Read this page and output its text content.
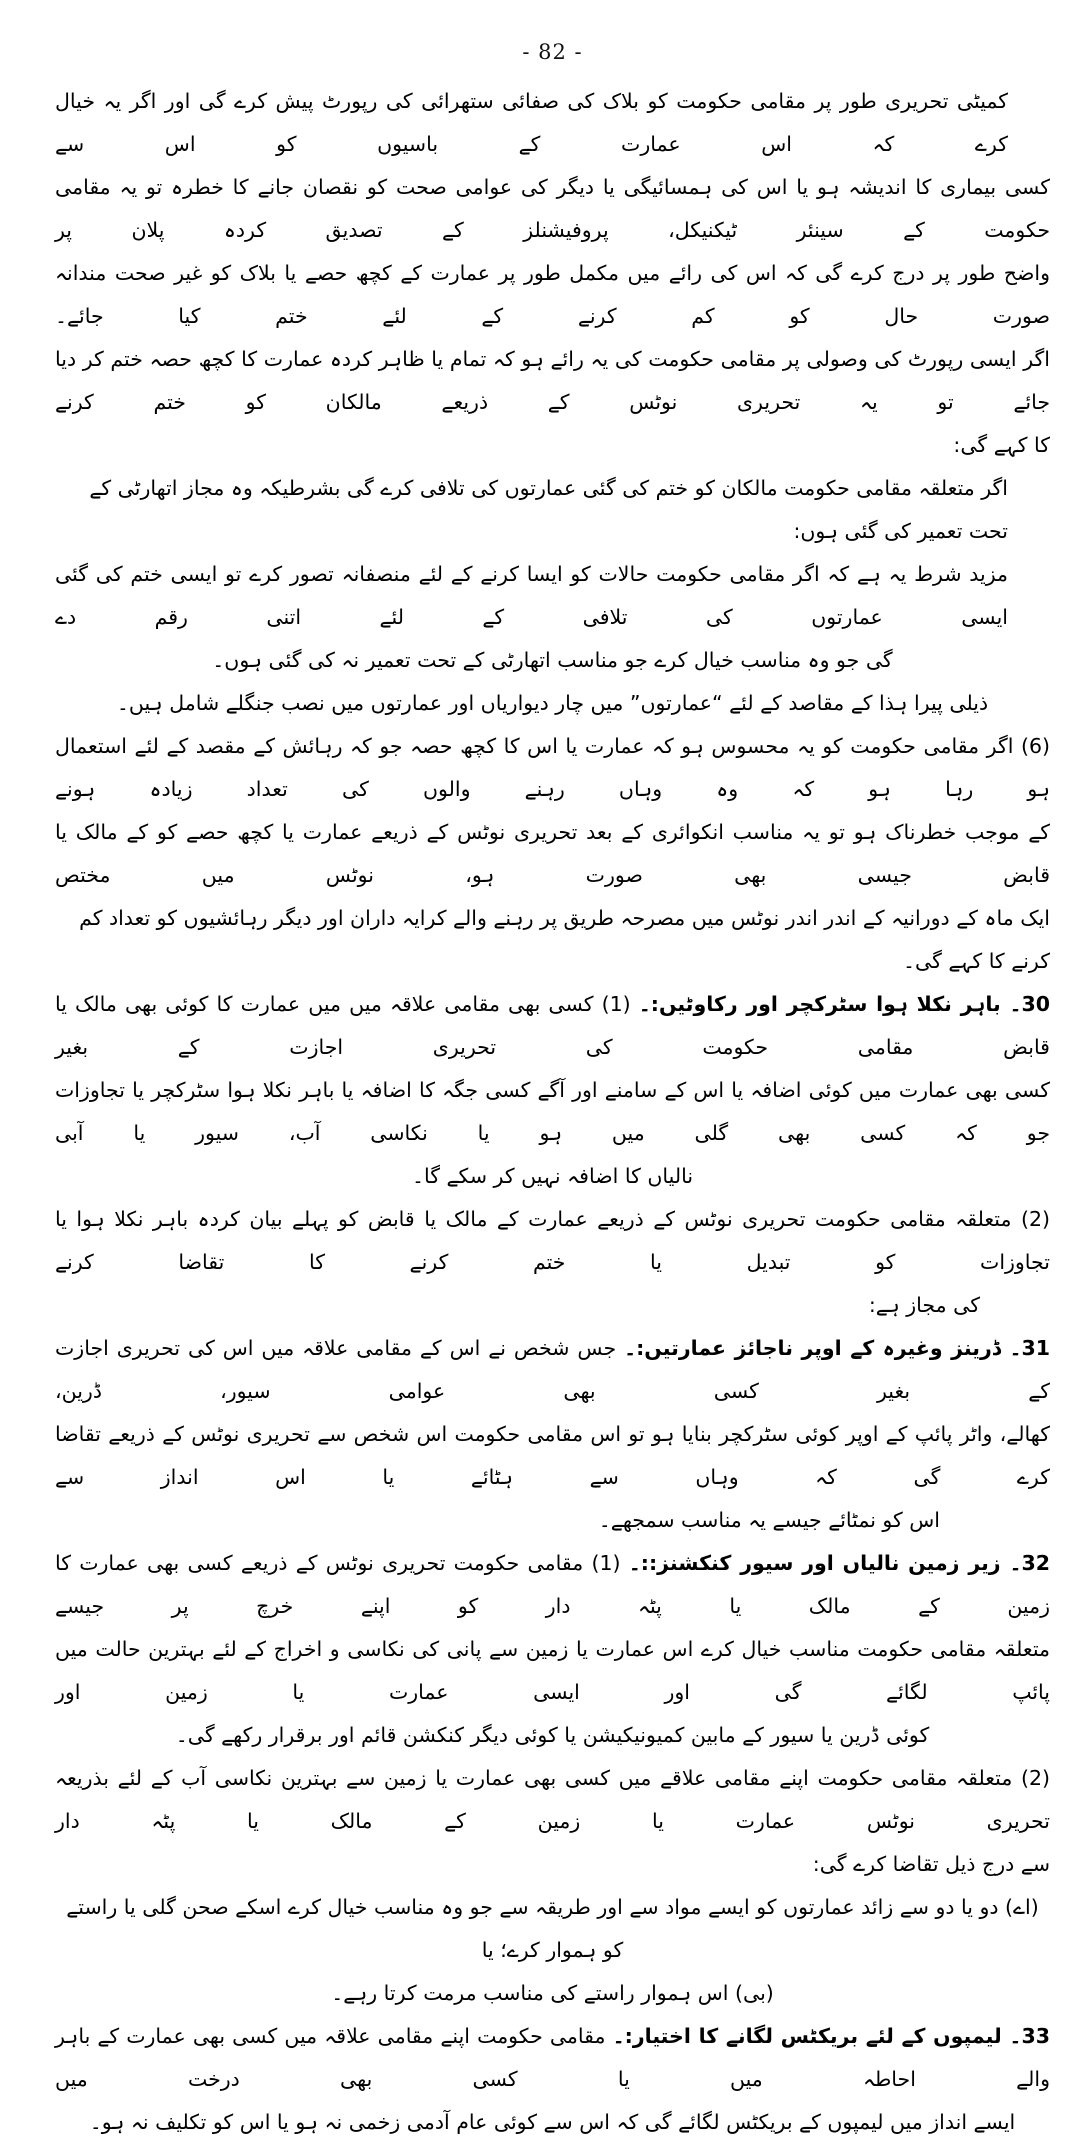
- 82 -
کمیٹی تحریری طور پر مقامی حکومت کو بلاک کی صفائی ستھرائی کی رپورٹ پیش کرے گی اور اگر یہ خیال کرے کہ اس عمارت کے باسیوں کو اس سے
کسی بیماری کا اندیشہ ہو یا اس کی ہمسائیگی یا دیگر کی عوامی صحت کو نقصان جانے کا خطرہ تو یہ مقامی حکومت کے سینئر ٹیکنیکل، پروفیشنلز کے تصدیق کردہ پلان پر
واضح طور پر درج کرے گی کہ اس کی رائے میں مکمل طور پر عمارت کے کچھ حصے یا بلاک کو غیر صحت مندانہ صورت حال کو کم کرنے کے لئے ختم کیا جائے۔
اگر ایسی رپورٹ کی وصولی پر مقامی حکومت کی یہ رائے ہو کہ تمام یا ظاہر کردہ عمارت کا کچھ حصہ ختم کر دیا جائے تو یہ تحریری نوٹس کے ذریعے مالکان کو ختم کرنے
کا کہے گی:
اگر متعلقہ مقامی حکومت مالکان کو ختم کی گئی عمارتوں کی تلافی کرے گی بشرطیکہ وہ مجاز اتھارٹی کے تحت تعمیر کی گئی ہوں:
مزید شرط یہ ہے کہ اگر مقامی حکومت حالات کو ایسا کرنے کے لئے منصفانہ تصور کرے تو ایسی ختم کی گئی ایسی عمارتوں کی تلافی کے لئے اتنی رقم دے
گی جو وہ مناسب خیال کرے جو مناسب اتھارٹی کے تحت تعمیر نہ کی گئی ہوں۔
ذیلی پیرا ہذا کے مقاصد کے لئے “عمارتوں” میں چار دیواریاں اور عمارتوں میں نصب جنگلے شامل ہیں۔
(6) اگر مقامی حکومت کو یہ محسوس ہو کہ عمارت یا اس کا کچھ حصہ جو کہ رہائش کے مقصد کے لئے استعمال ہو رہا ہو کہ وہ وہاں رہنے والوں کی تعداد زیادہ ہونے
کے موجب خطرناک ہو تو یہ مناسب انکوائری کے بعد تحریری نوٹس کے ذریعے عمارت یا کچھ حصے کو کے مالک یا قابض جیسی بھی صورت ہو، نوٹس میں مختص
ایک ماہ کے دورانیہ کے اندر اندر نوٹس میں مصرحہ طریق پر رہنے والے کرایہ داران اور دیگر رہائشیوں کو تعداد کم کرنے کا کہے گی۔
30۔ باہر نکلا ہوا سٹرکچر اور رکاوٹیں:۔ (1) کسی بھی مقامی علاقہ میں میں عمارت کا کوئی بھی مالک یا قابض مقامی حکومت کی تحریری اجازت کے بغیر
کسی بھی عمارت میں کوئی اضافہ یا اس کے سامنے اور آگے کسی جگہ کا اضافہ یا باہر نکلا ہوا سٹرکچر یا تجاوزات جو کہ کسی بھی گلی میں ہو یا نکاسی آب، سیور یا آبی
نالیاں کا اضافہ نہیں کر سکے گا۔
(2) متعلقہ مقامی حکومت تحریری نوٹس کے ذریعے عمارت کے مالک یا قابض کو پہلے بیان کردہ باہر نکلا ہوا یا تجاوزات کو تبدیل یا ختم کرنے کا تقاضا کرنے
کی مجاز ہے:
31۔ ڈرینز وغیرہ کے اوپر ناجائز عمارتیں:۔ جس شخص نے اس کے مقامی علاقہ میں اس کی تحریری اجازت کے بغیر کسی بھی عوامی سیور، ڈرین،
کھالے، واٹر پائپ کے اوپر کوئی سٹرکچر بنایا ہو تو اس مقامی حکومت اس شخص سے تحریری نوٹس کے ذریعے تقاضا کرے گی کہ وہاں سے ہٹائے یا اس انداز سے
اس کو نمٹائے جیسے یہ مناسب سمجھے۔
32۔ زیر زمین نالیاں اور سیور کنکشنز::۔ (1) مقامی حکومت تحریری نوٹس کے ذریعے کسی بھی عمارت کا زمین کے مالک یا پٹہ دار کو اپنے خرچ پر جیسے
متعلقہ مقامی حکومت مناسب خیال کرے اس عمارت یا زمین سے پانی کی نکاسی و اخراج کے لئے بہترین حالت میں پائپ لگائے گی اور ایسی عمارت یا زمین اور
کوئی ڈرین یا سیور کے مابین کمیونیکیشن یا کوئی دیگر کنکشن قائم اور برقرار رکھے گی۔
(2) متعلقہ مقامی حکومت اپنے مقامی علاقے میں کسی بھی عمارت یا زمین سے بہترین نکاسی آب کے لئے بذریعہ تحریری نوٹس عمارت یا زمین کے مالک یا پٹہ دار
سے درج ذیل تقاضا کرے گی:
(اے) دو یا دو سے زائد عمارتوں کو ایسے مواد سے اور طریقہ سے جو وہ مناسب خیال کرے اسکے صحن گلی یا راستے کو ہموار کرے؛ یا
(بی) اس ہموار راستے کی مناسب مرمت کرتا رہے۔
33۔ لیمپوں کے لئے بریکٹس لگانے کا اختیار:۔ مقامی حکومت اپنے مقامی علاقہ میں کسی بھی عمارت کے باہر والے احاطہ میں یا کسی بھی درخت میں
ایسے انداز میں لیمپوں کے بریکٹس لگائے گی کہ اس سے کوئی عام آدمی زخمی نہ ہو یا اس کو تکلیف نہ ہو۔
